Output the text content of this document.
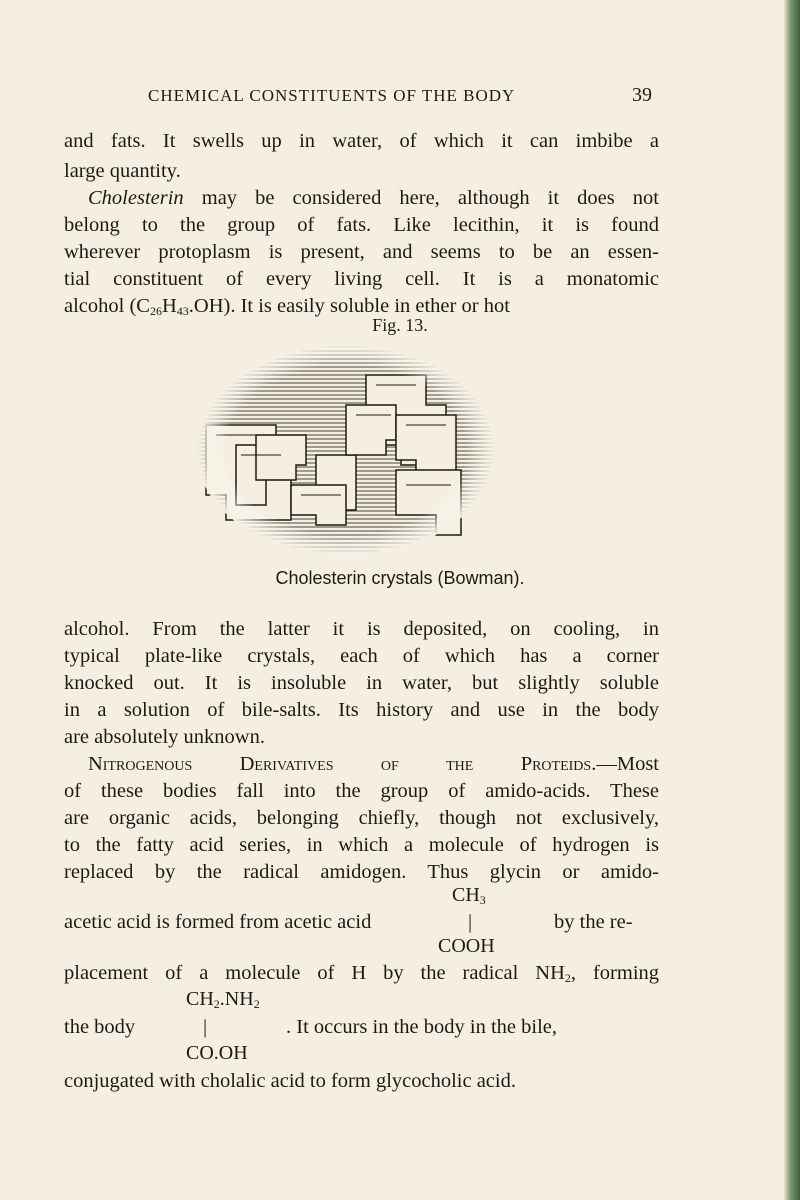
CHEMICAL CONSTITUENTS OF THE BODY	39
and fats. It swells up in water, of which it can imbibe a
large quantity.
Cholesterin may be considered here, although it does not
belong to the group of fats. Like lecithin, it is found
wherever protoplasm is present, and seems to be an essen-
tial constituent of every living cell. It is a monatomic
alcohol $(C_{26}H_{43}.OH)$. It is easily soluble in ether or hot
Fig. 13.
Cholesterin crystals (Bowman).
alcohol. From the latter it is deposited, on cooling, in
typical plate-like crystals, each of which has a corner
knocked out. It is insoluble in water, but slightly soluble
in a solution of bile-salts. Its history and use in the body
are absolutely unknown.
Nitrogenous Derivatives of the Proteids.—Most
of these bodies fall into the group of amido-acids. These
are organic acids, belonging chiefly, though not exclusively,
to the fatty acid series, in which a molecule of hydrogen is
replaced by the radical amidogen. Thus glycin or amido-
$CH_3$
acetic acid is formed from acetic acid	|	by the re-
COOH
placement of a molecule of H by the radical $NH_2$, forming
$CH_2.NH_2$
the body	|	. It occurs in the body in the bile,
CO.OH
conjugated with cholalic acid to form glycocholic acid.
